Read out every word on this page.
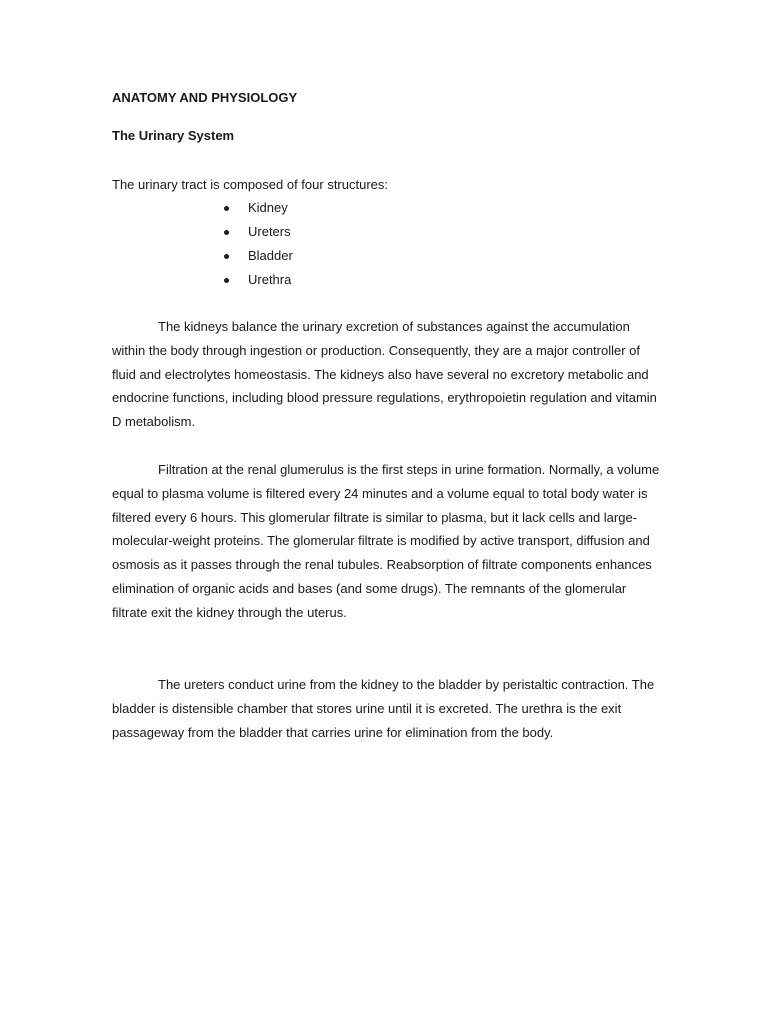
ANATOMY AND PHYSIOLOGY
The Urinary System
The urinary tract is composed of four structures:
Kidney
Ureters
Bladder
Urethra

The kidneys balance the urinary excretion of substances against the accumulation within the body through ingestion or production. Consequently, they are a major controller of fluid and electrolytes homeostasis. The kidneys also have several no excretory metabolic and endocrine functions, including blood pressure regulations, erythropoietin regulation and vitamin D metabolism.

Filtration at the renal glumerulus is the first steps in urine formation. Normally, a volume equal to plasma volume is filtered every 24 minutes and a volume equal to total body water is filtered every 6 hours. This glomerular filtrate is similar to plasma, but it lack cells and large-molecular-weight proteins. The glomerular filtrate is modified by active transport, diffusion and osmosis as it passes through the renal tubules. Reabsorption of filtrate components enhances elimination of organic acids and bases (and some drugs). The remnants of the glomerular filtrate exit the kidney through the uterus.

The ureters conduct urine from the kidney to the bladder by peristaltic contraction. The bladder is distensible chamber that stores urine until it is excreted. The urethra is the exit passageway from the bladder that carries urine for elimination from the body.
